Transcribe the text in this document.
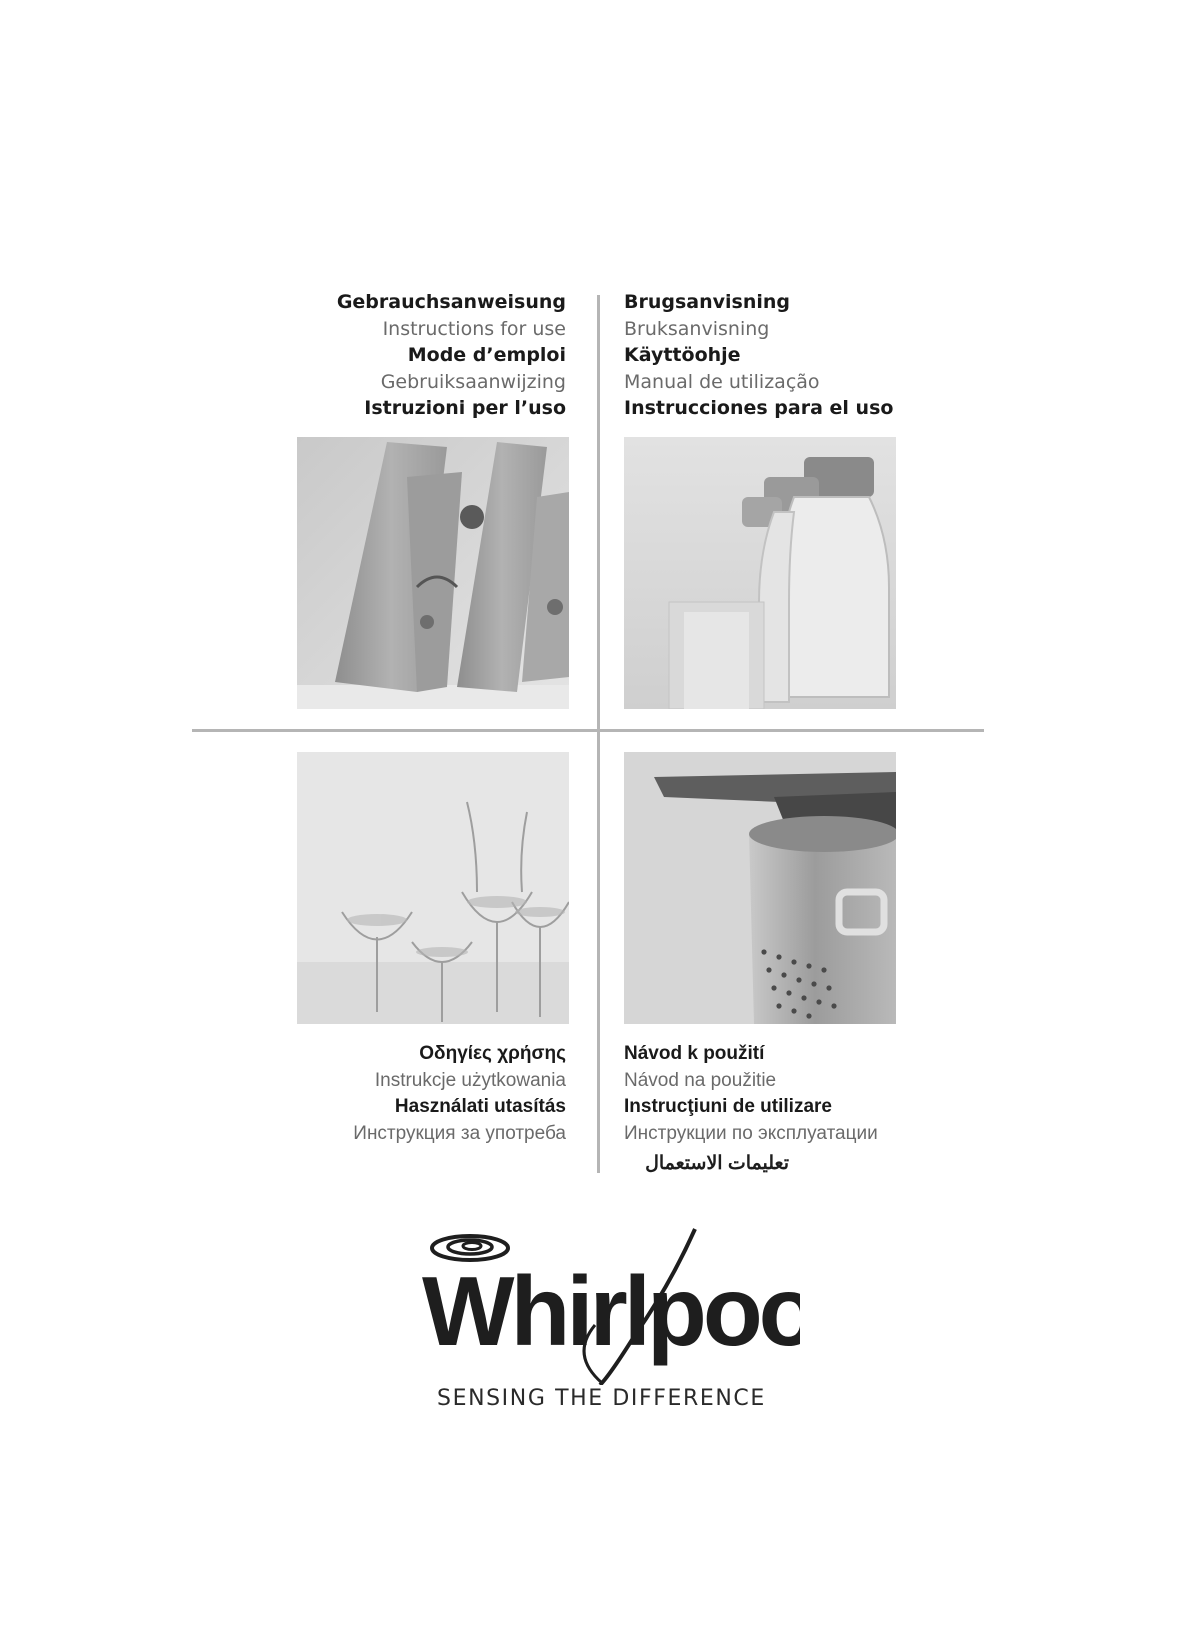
Gebrauchsanweisung
Instructions for use
Mode d’emploi
Gebruiksaanwijzing
Istruzioni per l’uso
Brugsanvisning
Bruksanvisning
Käyttöohje
Manual de utilização
Instrucciones para el uso
Οδηγίες χρήσης
Instrukcje użytkowania
Használati utasítás
Инструкция за употреба
Návod k použití
Návod na použitie
Instrucţiuni de utilizare
Инструкции по эксплуатации
تعليمات الاستعمال
Whirlpool
SENSING THE DIFFERENCE
